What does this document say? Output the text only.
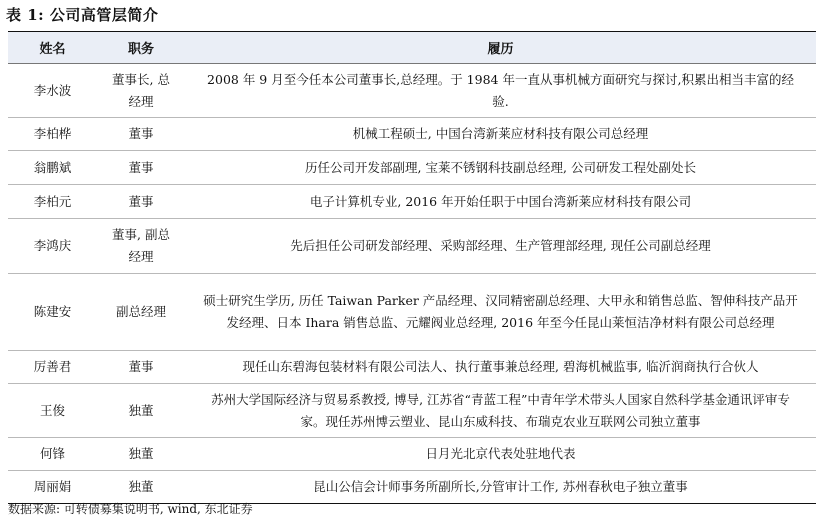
表 1: 公司高管层简介
姓名	职务	履历
李水波	董事长, 总经理	2008 年 9 月至今任本公司董事长,总经理。于 1984 年一直从事机械方面研究与探讨,积累出相当丰富的经验.
李柏桦	董事	机械工程硕士, 中国台湾新莱应材科技有限公司总经理
翁鹏斌	董事	历任公司开发部副理, 宝莱不锈钢科技副总经理, 公司研发工程处副处长
李柏元	董事	电子计算机专业, 2016 年开始任职于中国台湾新莱应材科技有限公司
李鸿庆	董事, 副总经理	先后担任公司研发部经理、采购部经理、生产管理部经理, 现任公司副总经理
陈建安	副总经理	硕士研究生学历, 历任 Taiwan Parker 产品经理、汉同精密副总经理、大甲永和销售总监、智伸科技产品开发经理、日本 Ihara 销售总监、元耀阀业总经理, 2016 年至今任昆山莱恒洁净材料有限公司总经理
厉善君	董事	现任山东碧海包装材料有限公司法人、执行董事兼总经理, 碧海机械监事, 临沂润商执行合伙人
王俊	独董	苏州大学国际经济与贸易系教授, 博导, 江苏省“青蓝工程”中青年学术带头人国家自然科学基金通讯评审专家。现任苏州博云塑业、昆山东威科技、布瑞克农业互联网公司独立董事
何锋	独董	日月光北京代表处驻地代表
周丽娟	独董	昆山公信会计师事务所副所长,分管审计工作, 苏州春秋电子独立董事
数据来源: 可转债募集说明书, wind, 东北证券
